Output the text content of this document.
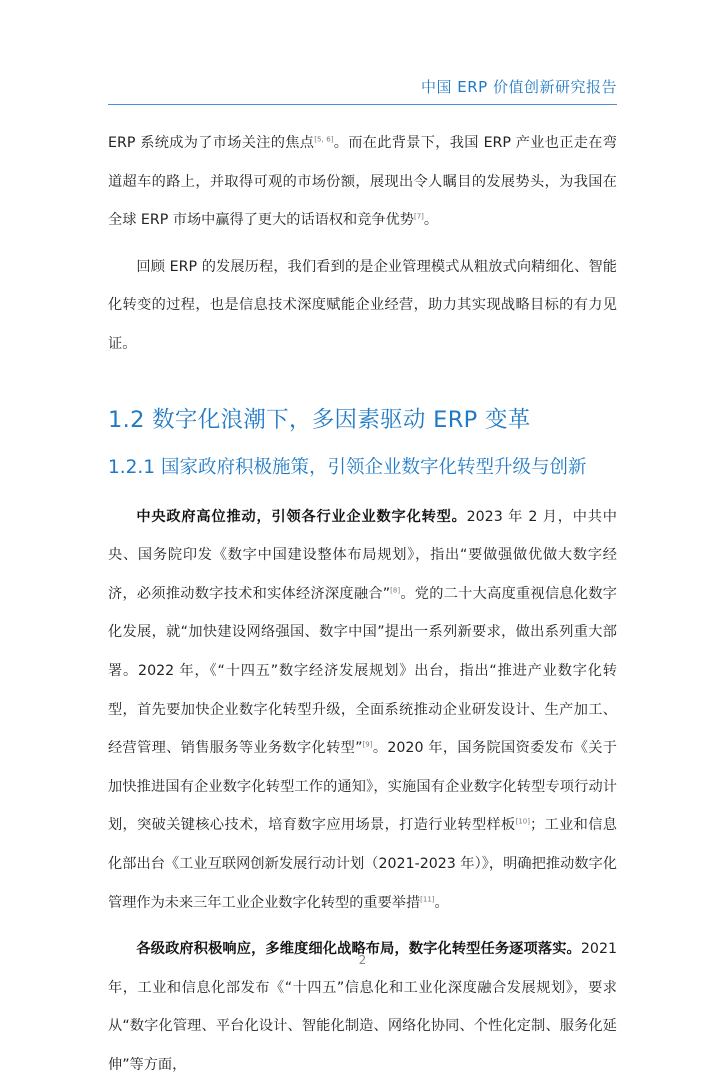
中国 ERP 价值创新研究报告

ERP 系统成为了市场关注的焦点[5, 6]。而在此背景下，我国 ERP 产业也正走在弯道超车的路上，并取得可观的市场份额，展现出令人瞩目的发展势头，为我国在全球 ERP 市场中赢得了更大的话语权和竞争优势[7]。

回顾 ERP 的发展历程，我们看到的是企业管理模式从粗放式向精细化、智能化转变的过程，也是信息技术深度赋能企业经营，助力其实现战略目标的有力见证。

1.2 数字化浪潮下，多因素驱动 ERP 变革
1.2.1 国家政府积极施策，引领企业数字化转型升级与创新

中央政府高位推动，引领各行业企业数字化转型。2023 年 2 月，中共中央、国务院印发《数字中国建设整体布局规划》，指出“要做强做优做大数字经济，必须推动数字技术和实体经济深度融合”[8]。党的二十大高度重视信息化数字化发展，就“加快建设网络强国、数字中国”提出一系列新要求，做出系列重大部署。2022 年，《“十四五”数字经济发展规划》出台，指出“推进产业数字化转型，首先要加快企业数字化转型升级，全面系统推动企业研发设计、生产加工、经营管理、销售服务等业务数字化转型”[9]。2020 年，国务院国资委发布《关于加快推进国有企业数字化转型工作的通知》，实施国有企业数字化转型专项行动计划，突破关键核心技术，培育数字应用场景，打造行业转型样板[10]；工业和信息化部出台《工业互联网创新发展行动计划（2021-2023 年）》，明确把推动数字化管理作为未来三年工业企业数字化转型的重要举措[11]。

各级政府积极响应，多维度细化战略布局，数字化转型任务逐项落实。2021 年，工业和信息化部发布《“十四五”信息化和工业化深度融合发展规划》，要求从“数字化管理、平台化设计、智能化制造、网络化协同、个性化定制、服务化延伸”等方面，

2
